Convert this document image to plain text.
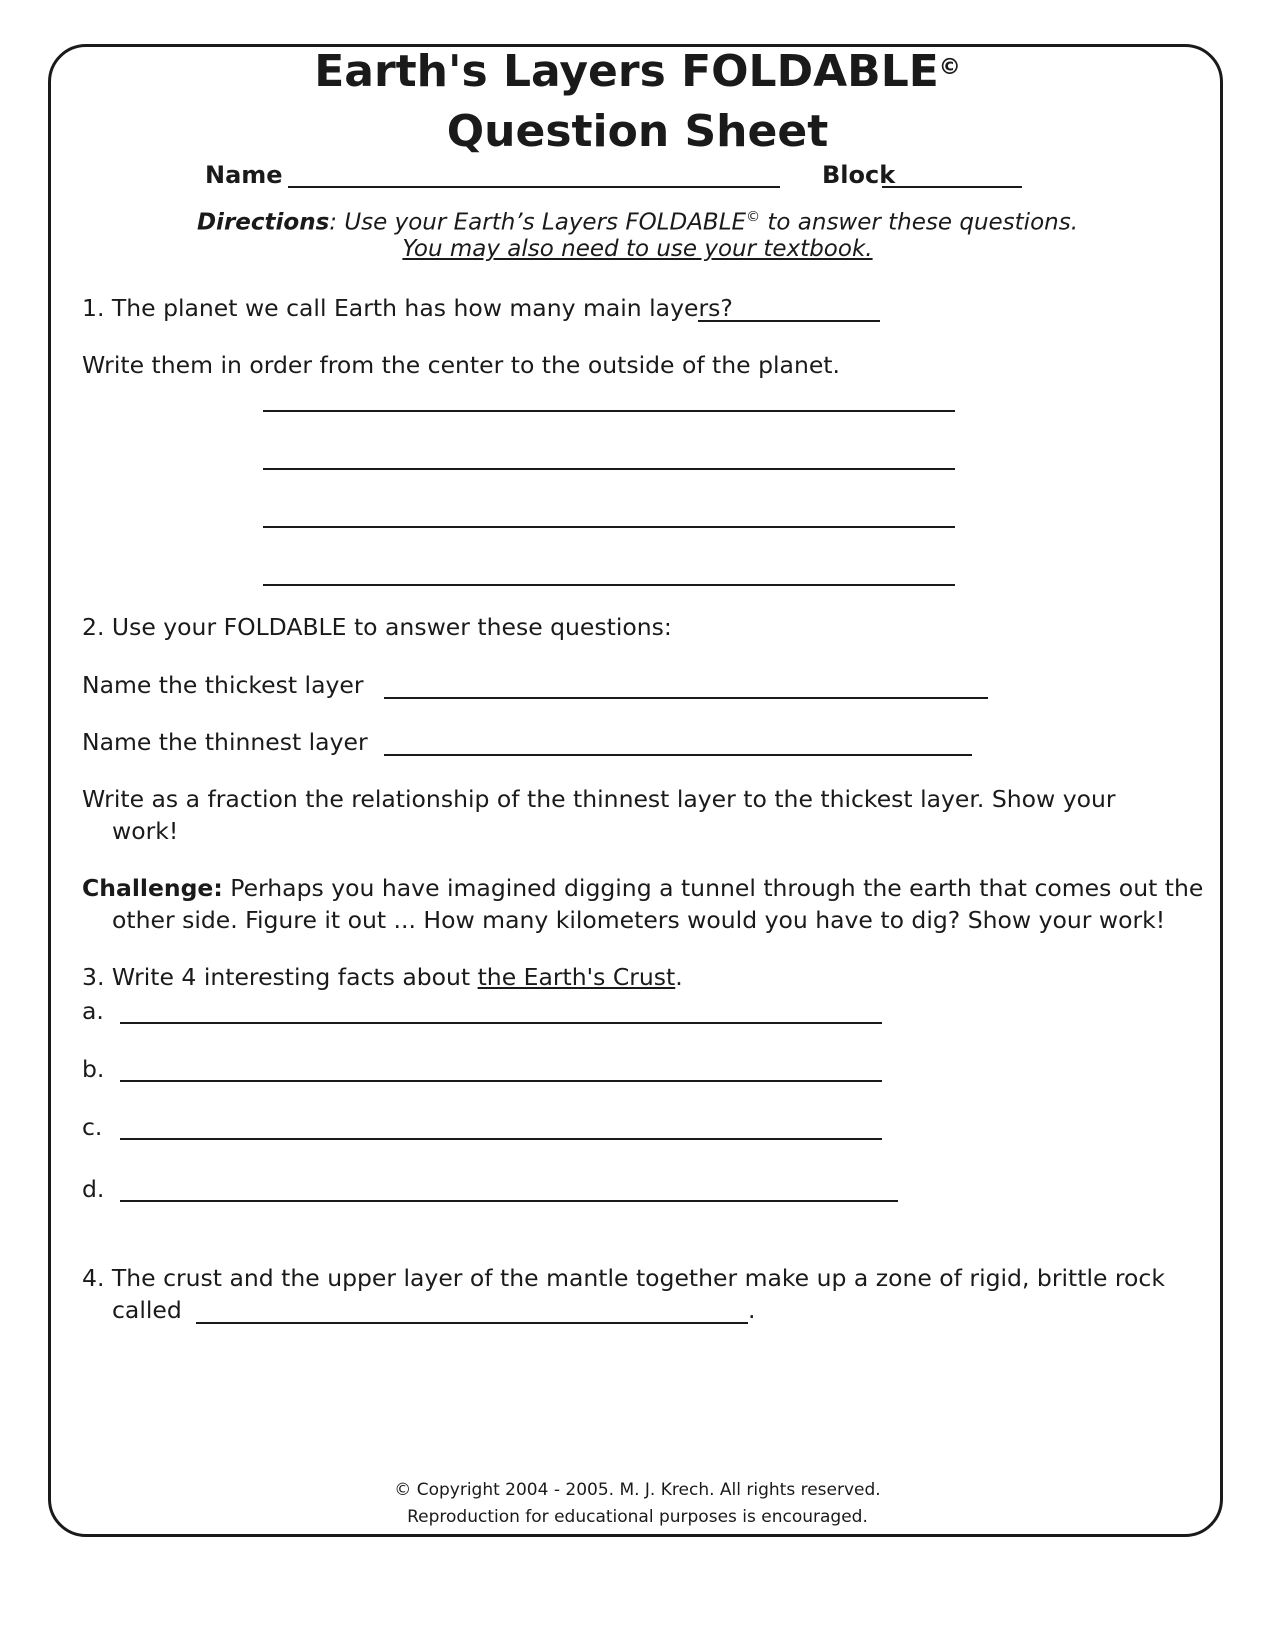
Earth's Layers FOLDABLE©
Question Sheet
Name	Block
Directions: Use your Earth’s Layers FOLDABLE© to answer these questions.
You may also need to use your textbook.
1. The planet we call Earth has how many main layers?
Write them in order from the center to the outside of the planet.
2. Use your FOLDABLE to answer these questions:
Name the thickest layer
Name the thinnest layer
Write as a fraction the relationship of the thinnest layer to the thickest layer. Show your
work!
Challenge: Perhaps you have imagined digging a tunnel through the earth that comes out the
other side. Figure it out ... How many kilometers would you have to dig? Show your work!
3. Write 4 interesting facts about the Earth's Crust.
a.
b.
c.
d.
4. The crust and the upper layer of the mantle together make up a zone of rigid, brittle rock
called	.
© Copyright 2004 - 2005. M. J. Krech. All rights reserved.
Reproduction for educational purposes is encouraged.
